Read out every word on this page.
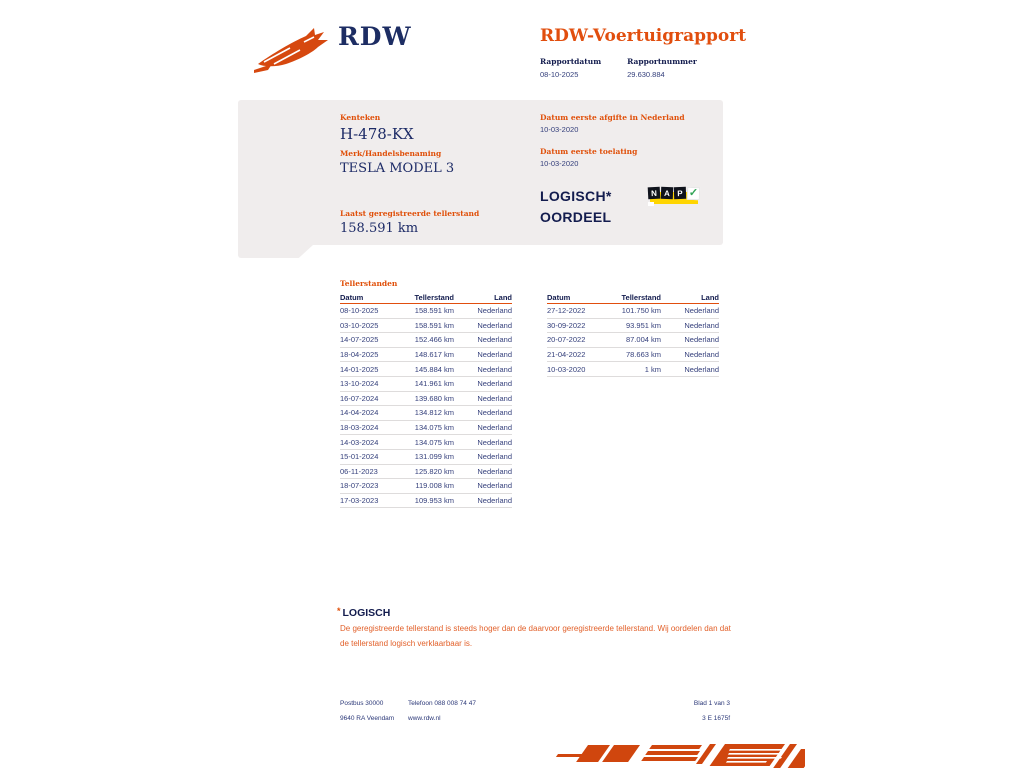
RDW	RDW-Voertuigrapport
Rapportdatum
08-10-2025
Rapportnummer
29.630.884
Kenteken
H-478-KX
Merk/Handelsbenaming
TESLA MODEL 3
Laatst geregistreerde tellerstand
158.591 km
Datum eerste afgifte in Nederland
10-03-2020
Datum eerste toelating
10-03-2020
LOGISCH*
OORDEEL
N A P ✓
Tellerstanden
Datum	Tellerstand	Land
08-10-2025	158.591 km	Nederland
03-10-2025	158.591 km	Nederland
14-07-2025	152.466 km	Nederland
18-04-2025	148.617 km	Nederland
14-01-2025	145.884 km	Nederland
13-10-2024	141.961 km	Nederland
16-07-2024	139.680 km	Nederland
14-04-2024	134.812 km	Nederland
18-03-2024	134.075 km	Nederland
14-03-2024	134.075 km	Nederland
15-01-2024	131.099 km	Nederland
06-11-2023	125.820 km	Nederland
18-07-2023	119.008 km	Nederland
17-03-2023	109.953 km	Nederland
Datum	Tellerstand	Land
27-12-2022	101.750 km	Nederland
30-09-2022	93.951 km	Nederland
20-07-2022	87.004 km	Nederland
21-04-2022	78.663 km	Nederland
10-03-2020	1 km	Nederland
* LOGISCH
De geregistreerde tellerstand is steeds hoger dan de daarvoor geregistreerde tellerstand. Wij oordelen dan dat de tellerstand logisch verklaarbaar is.
Postbus 30000	Telefoon 088 008 74 47	Blad 1 van 3
9640 RA Veendam	www.rdw.nl	3 E 1675f
